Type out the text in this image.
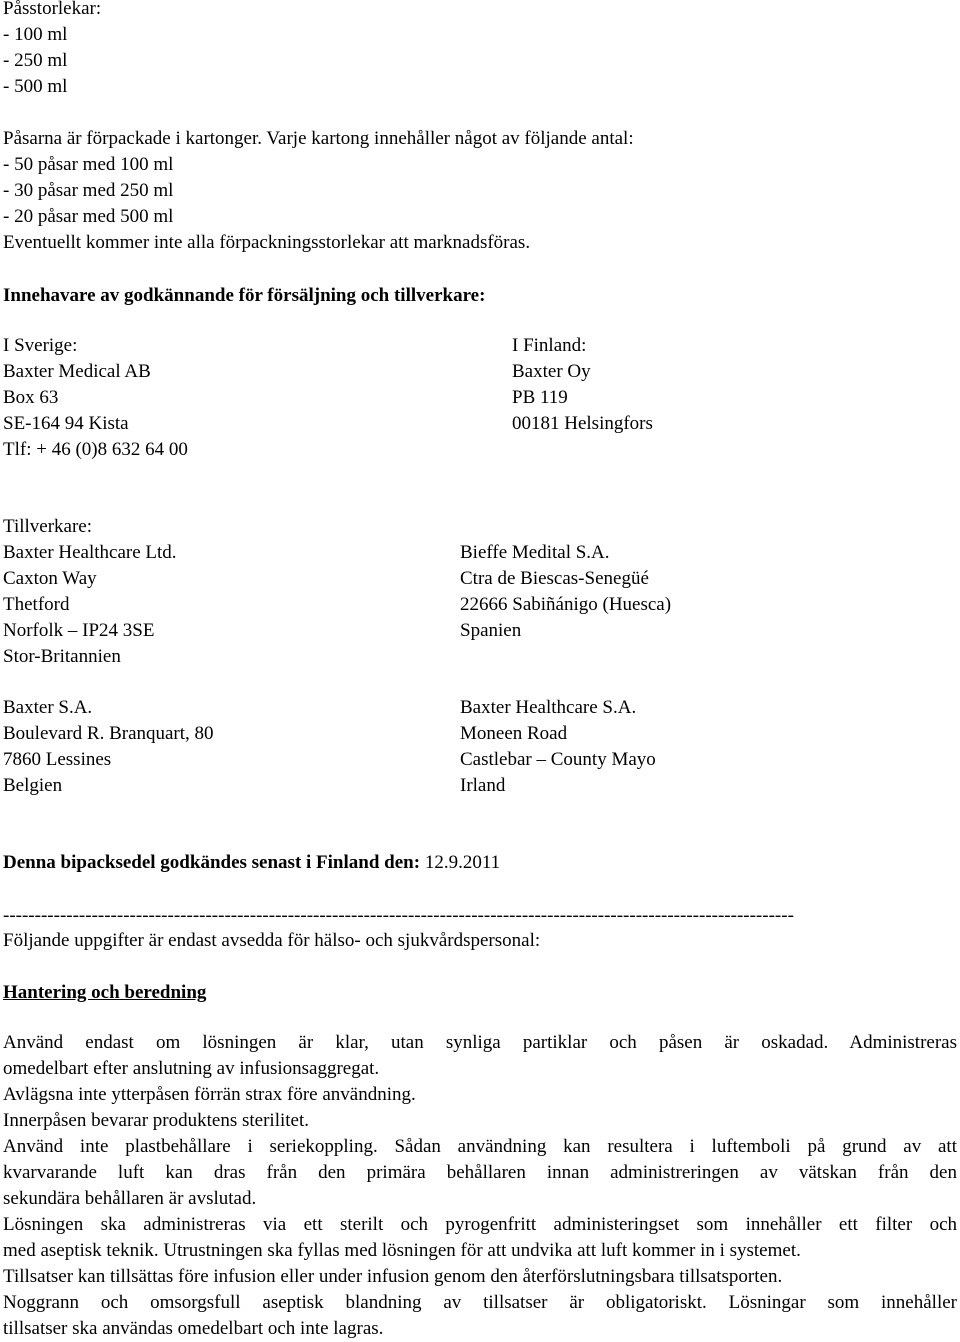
Påsstorlekar:
- 100 ml
- 250 ml
- 500 ml
Påsarna är förpackade i kartonger. Varje kartong innehåller något av följande antal:
- 50 påsar med 100 ml
- 30 påsar med 250 ml
- 20 påsar med 500 ml
Eventuellt kommer inte alla förpackningsstorlekar att marknadsföras.
Innehavare av godkännande för försäljning och tillverkare:
I Sverige:
Baxter Medical AB
Box 63
SE-164 94 Kista
Tlf: + 46 (0)8 632 64 00
I Finland:
Baxter Oy
PB 119
00181 Helsingfors
Tillverkare:
Baxter Healthcare Ltd.
Caxton Way
Thetford
Norfolk – IP24 3SE
Stor-Britannien
Bieffe Medital S.A.
Ctra de Biescas-Senegüé
22666 Sabiñánigo (Huesca)
Spanien
Baxter S.A.
Boulevard R. Branquart, 80
7860 Lessines
Belgien
Baxter Healthcare S.A.
Moneen Road
Castlebar – County Mayo
Irland
Denna bipacksedel godkändes senast i Finland den: 12.9.2011
-----------------------------------------------------------------------------------------------------------------------------
Följande uppgifter är endast avsedda för hälso- och sjukvårdspersonal:
Hantering och beredning
Använd endast om lösningen är klar, utan synliga partiklar och påsen är oskadad. Administreras
omedelbart efter anslutning av infusionsaggregat.
Avlägsna inte ytterpåsen förrän strax före användning.
Innerpåsen bevarar produktens sterilitet.
Använd inte plastbehållare i seriekoppling. Sådan användning kan resultera i luftemboli på grund av att
kvarvarande luft kan dras från den primära behållaren innan administreringen av vätskan från den
sekundära behållaren är avslutad.
Lösningen ska administreras via ett sterilt och pyrogenfritt administeringset som innehåller ett filter och
med aseptisk teknik. Utrustningen ska fyllas med lösningen för att undvika att luft kommer in i systemet.
Tillsatser kan tillsättas före infusion eller under infusion genom den återförslutningsbara tillsatsporten.
Noggrann och omsorgsfull aseptisk blandning av tillsatser är obligatoriskt. Lösningar som innehåller
tillsatser ska användas omedelbart och inte lagras.
